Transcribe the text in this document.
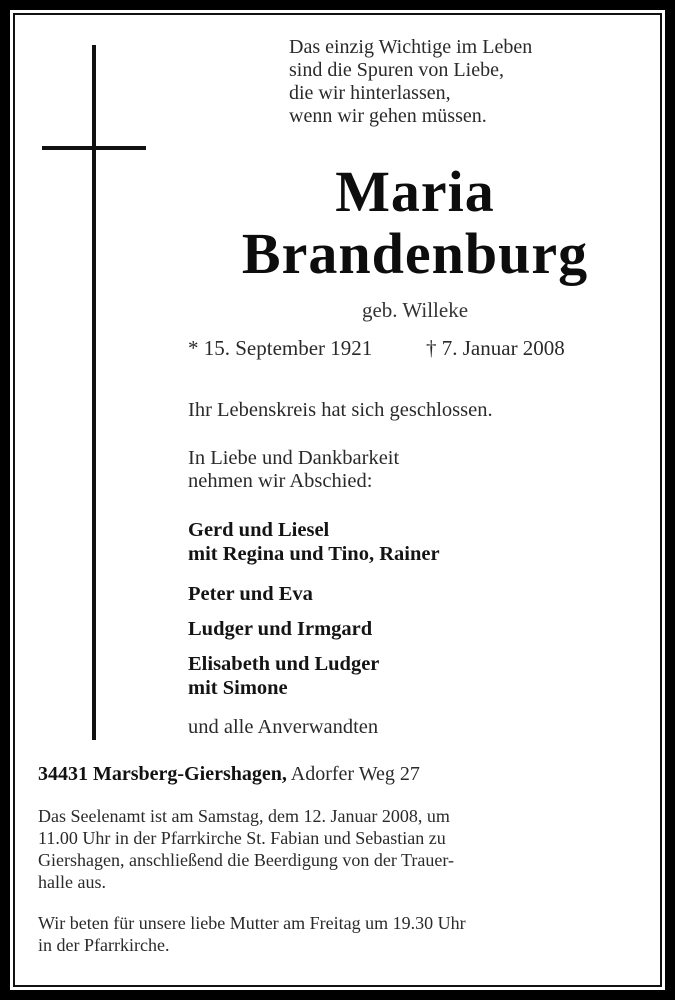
Das einzig Wichtige im Leben
sind die Spuren von Liebe,
die wir hinterlassen,
wenn wir gehen müssen.
Maria
Brandenburg
geb. Willeke
* 15. September 1921	† 7. Januar 2008
Ihr Lebenskreis hat sich geschlossen.
In Liebe und Dankbarkeit
nehmen wir Abschied:
Gerd und Liesel
mit Regina und Tino, Rainer
Peter und Eva
Ludger und Irmgard
Elisabeth und Ludger
mit Simone
und alle Anverwandten
34431 Marsberg-Giershagen, Adorfer Weg 27
Das Seelenamt ist am Samstag, dem 12. Januar 2008, um
11.00 Uhr in der Pfarrkirche St. Fabian und Sebastian zu
Giershagen, anschließend die Beerdigung von der Trauer-
halle aus.
Wir beten für unsere liebe Mutter am Freitag um 19.30 Uhr
in der Pfarrkirche.
